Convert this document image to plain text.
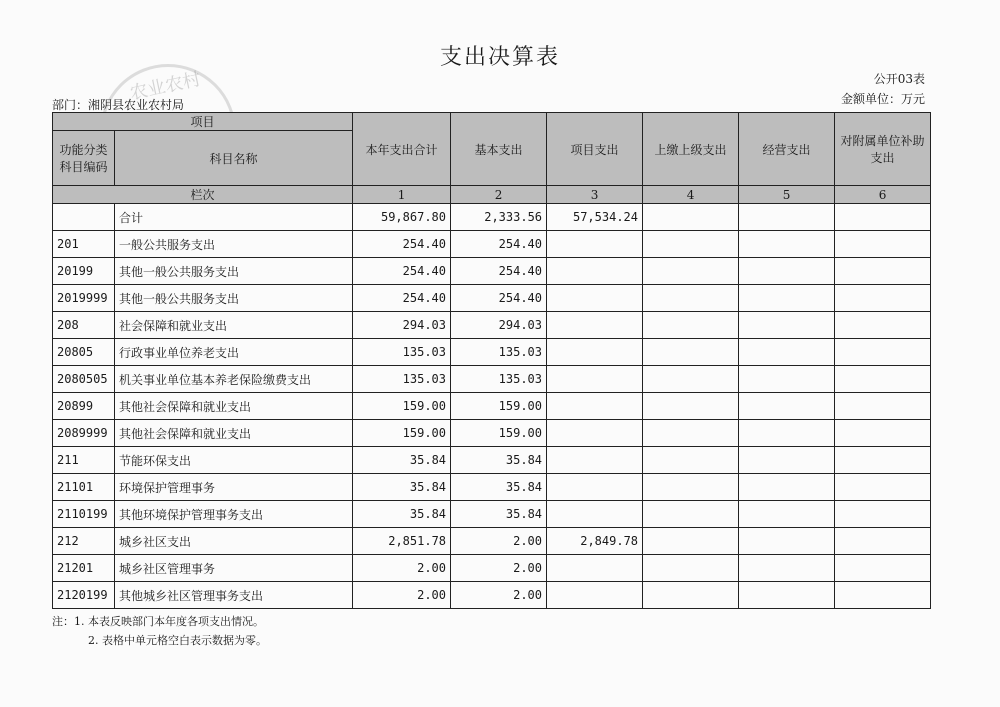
支出决算表
公开03表
金额单位：万元
农业农村
部门：湘阴县农业农村局
项目		本年支出合计	基本支出	项目支出	上缴上级支出	经营支出	对附属单位补助支出
功能分类科目编码	科目名称						

栏次		1	2	3	4	5	6
	合计	59,867.80	2,333.56	57,534.24			
201	一般公共服务支出	254.40	254.40				
20199	其他一般公共服务支出	254.40	254.40				
2019999	其他一般公共服务支出	254.40	254.40				
208	社会保障和就业支出	294.03	294.03				
20805	行政事业单位养老支出	135.03	135.03				
2080505	机关事业单位基本养老保险缴费支出	135.03	135.03				
20899	其他社会保障和就业支出	159.00	159.00				
2089999	其他社会保障和就业支出	159.00	159.00				
211	节能环保支出	35.84	35.84				
21101	环境保护管理事务	35.84	35.84				
2110199	其他环境保护管理事务支出	35.84	35.84				
212	城乡社区支出	2,851.78	2.00	2,849.78			
21201	城乡社区管理事务	2.00	2.00				
2120199	其他城乡社区管理事务支出	2.00	2.00				
注：1. 本表反映部门本年度各项支出情况。
2. 表格中单元格空白表示数据为零。
